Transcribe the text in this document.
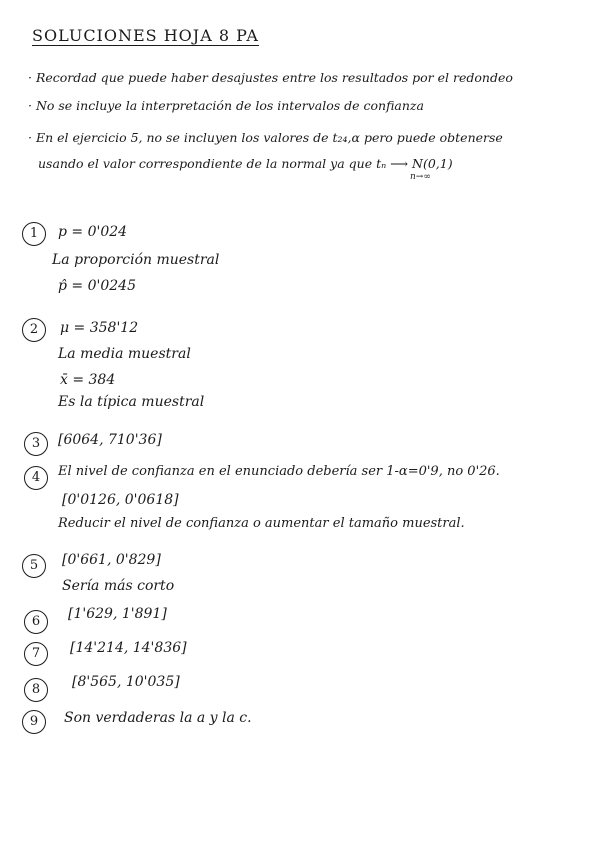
SOLUCIONES HOJA 8 PA
· Recordad que puede haber desajustes entre los resultados por el redondeo
· No se incluye la interpretación de los intervalos de confianza
· En el ejercicio 5, no se incluyen los valores de t₂₄,α pero puede obtenerse
usando el valor correspondiente de la normal ya que tₙ ⟶ N(0,1)
n→∞
1	p = 0'024
La proporción muestral
p̂ = 0'0245
2	μ = 358'12
La media muestral
x̄ = 384
Es la típica muestral
3	[6064, 710'36]
4	El nivel de confianza en el enunciado debería ser 1-α=0'9, no 0'26.
[0'0126, 0'0618]
Reducir el nivel de confianza o aumentar el tamaño muestral.
5	[0'661, 0'829]
Sería más corto
6	[1'629, 1'891]
7	[14'214, 14'836]
8	[8'565, 10'035]
9	Son verdaderas la a y la c.
